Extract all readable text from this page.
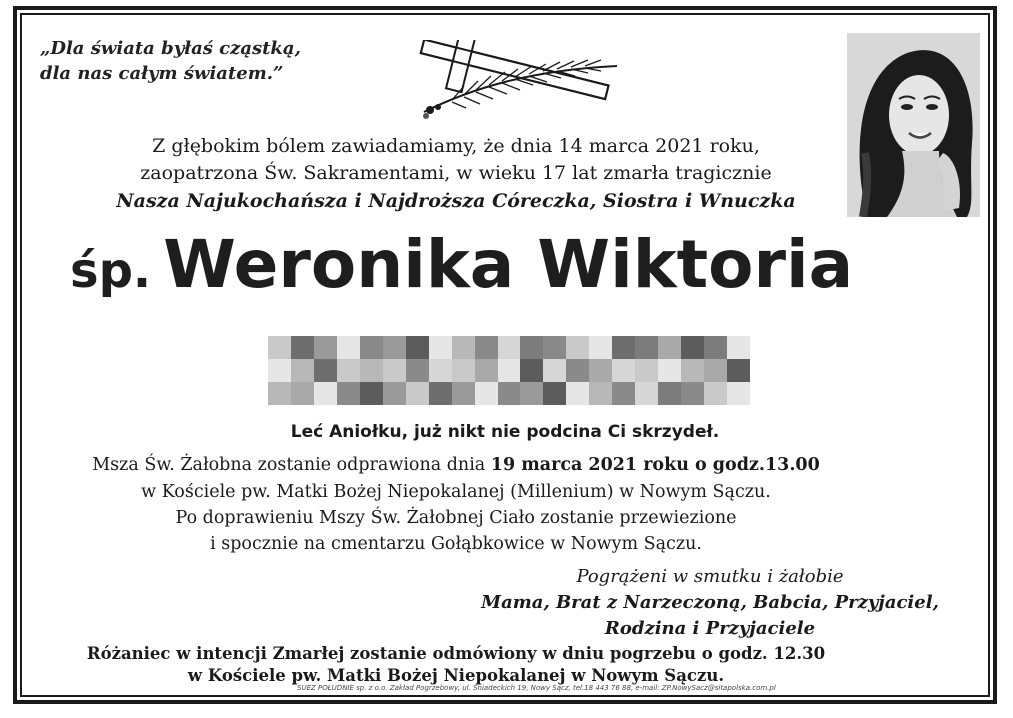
„Dla świata byłaś cząstką,
dla nas całym światem.”
Z głębokim bólem zawiadamiamy, że dnia 14 marca 2021 roku,
zaopatrzona Św. Sakramentami, w wieku 17 lat zmarła tragicznie
Nasza Najukochańsza i Najdroższa Córeczka, Siostra i Wnuczka
śp. Weronika Wiktoria
Leć Aniołku, już nikt nie podcina Ci skrzydeł.
Msza Św. Żałobna zostanie odprawiona dnia 19 marca 2021 roku o godz.13.00
w Kościele pw. Matki Bożej Niepokalanej (Millenium) w Nowym Sączu.
Po doprawieniu Mszy Św. Żałobnej Ciało zostanie przewiezione
i spocznie na cmentarzu Gołąbkowice w Nowym Sączu.
Pogrążeni w smutku i żałobie
Mama, Brat z Narzeczoną, Babcia, Przyjaciel,
Rodzina i Przyjaciele
Różaniec w intencji Zmarłej zostanie odmówiony w dniu pogrzebu o godz. 12.30
w Kościele pw. Matki Bożej Niepokalanej w Nowym Sączu.
SUEZ POŁUDNIE sp. z o.o. Zakład Pogrzebowy, ul. Śniadeckich 19, Nowy Sącz, tel.18 443 76 88, e-mail: ZP.NowySacz@sitapolska.com.pl
